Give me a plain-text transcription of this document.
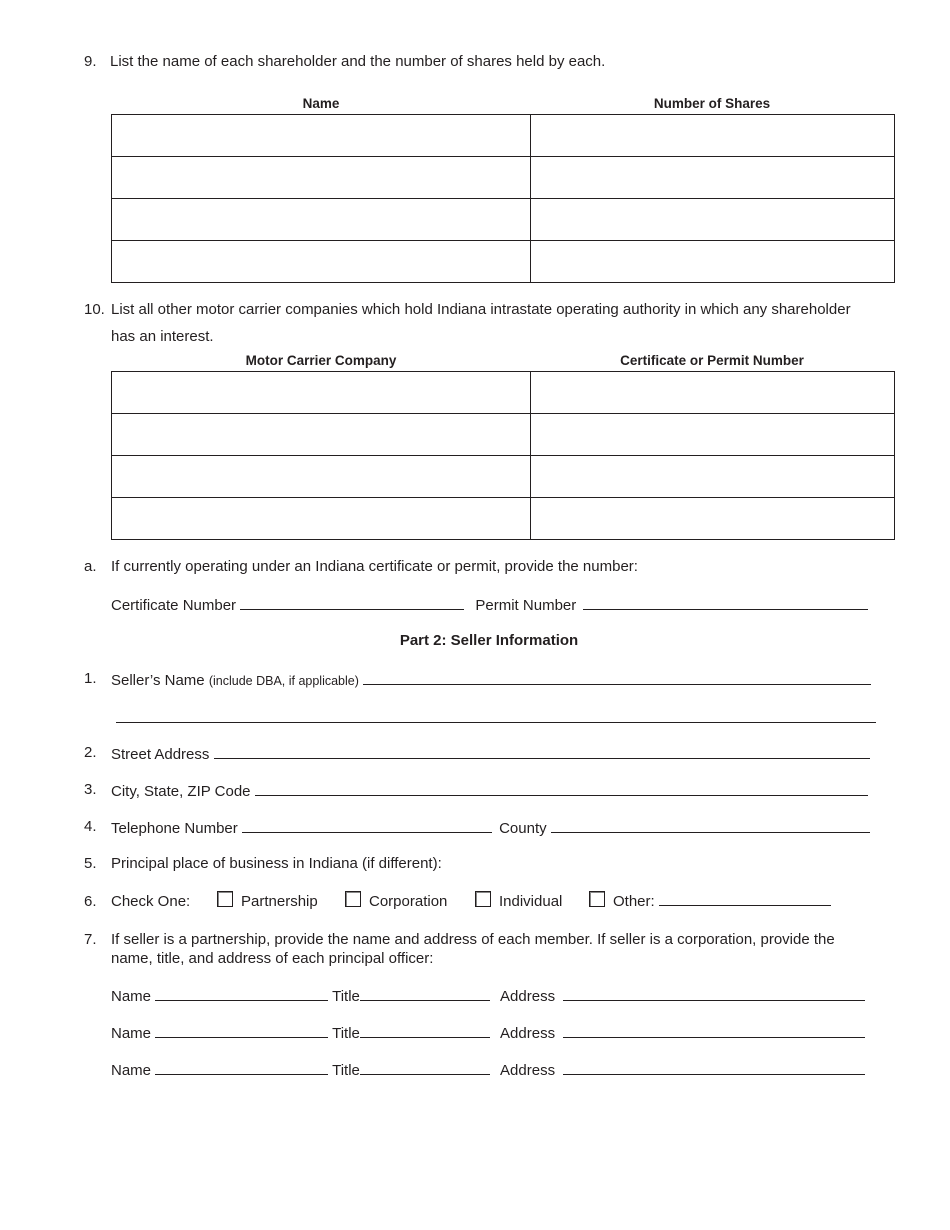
9. List the name of each shareholder and the number of shares held by each.
Name	Number of Shares

10. List all other motor carrier companies which hold Indiana intrastate operating authority in which any shareholder
has an interest.
Motor Carrier Company	Certificate or Permit Number

a. If currently operating under an Indiana certificate or permit, provide the number:
Certificate Number	Permit Number
Part 2: Seller Information
1. Seller’s Name (include DBA, if applicable)
2. Street Address
3. City, State, ZIP Code
4. Telephone Number	County
5. Principal place of business in Indiana (if different):
6. Check One:	Partnership	Corporation	Individual	Other:
7. If seller is a partnership, provide the name and address of each member. If seller is a corporation, provide the
name, title, and address of each principal officer:
Name	Title	Address
Name	Title	Address
Name	Title	Address
